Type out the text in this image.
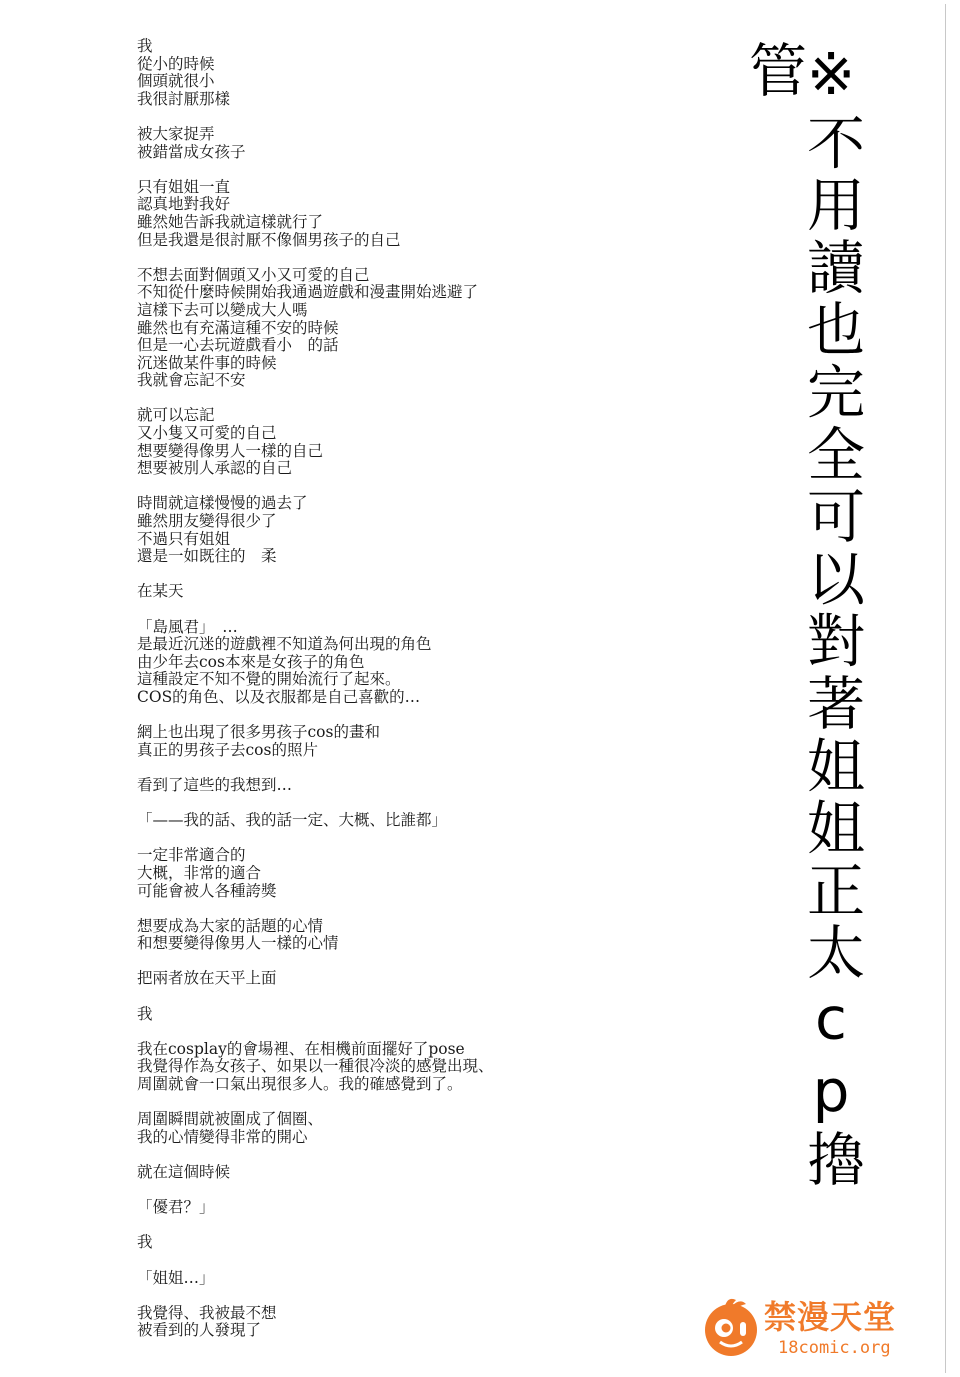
我
從小的時候
個頭就很小
我很討厭那樣
被大家捉弄
被錯當成女孩子
只有姐姐一直
認真地對我好
雖然她告訴我就這樣就行了
但是我還是很討厭不像個男孩子的自己
不想去面對個頭又小又可愛的自己
不知從什麼時候開始我通過遊戲和漫畫開始逃避了
這樣下去可以變成大人嗎
雖然也有充滿這種不安的時候
但是一心去玩遊戲看小　的話
沉迷做某件事的時候
我就會忘記不安
就可以忘記
又小隻又可愛的自己
想要變得像男人一樣的自己
想要被別人承認的自己
時間就這樣慢慢的過去了
雖然朋友變得很少了
不過只有姐姐
還是一如既往的　柔
在某天
「島風君」　…
是最近沉迷的遊戲裡不知道為何出現的角色
由少年去cos本來是女孩子的角色
這種設定不知不覺的開始流行了起來。
COS的角色、以及衣服都是自己喜歡的…
網上也出現了很多男孩子cos的畫和
真正的男孩子去cos的照片
看到了這些的我想到…
「——我的話、我的話一定、大概、比誰都」
一定非常適合的
大概，非常的適合
可能會被人各種誇獎
想要成為大家的話題的心情
和想要變得像男人一樣的心情
把兩者放在天平上面
我
我在cosplay的會場裡、在相機前面擺好了pose
我覺得作為女孩子、如果以一種很冷淡的感覺出現、
周圍就會一口氣出現很多人。我的確感覺到了。
周圍瞬間就被圍成了個圈、
我的心情變得非常的開心
就在這個時候
「優君？」
我
「姐姐…」
我覺得、我被最不想
被看到的人發現了
※不用讀也完全可以對著姐姐正太cp擼管
禁漫天堂
18comic.org
